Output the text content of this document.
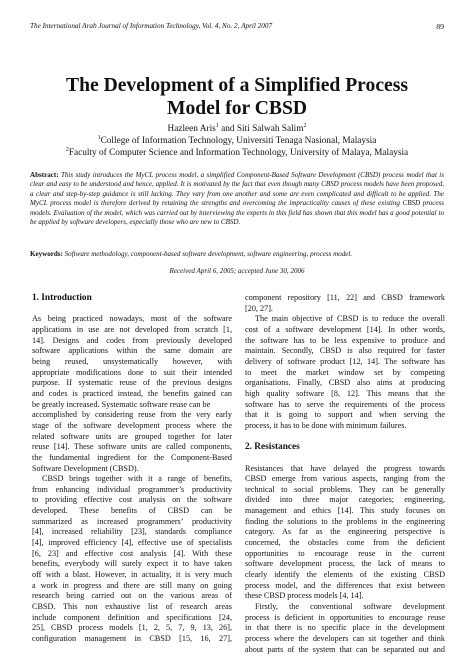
The International Arab Journal of Information Technology, Vol. 4, No. 2, April 2007	89
The Development of a Simplified Process
Model for CBSD
Hazleen Aris$^1$ and Siti Salwah Salim$^2$
$^1$College of Information Technology, Universiti Tenaga Nasional, Malaysia
$^2$Faculty of Computer Science and Information Technology, University of Malaya, Malaysia
Abstract: This study introduces the MyCL process model, a simplified Component-Based Software Development (CBSD) process model that is clear and easy to be understood and hence, applied. It is motivated by the fact that even though many CBSD process models have been proposed, a clear and step-by-step guidance is still lacking. They vary from one another and some are even complicated and difficult to be applied. The MyCL process model is therefore derived by retaining the strengths and overcoming the impracticality causes of these existing CBSD process models. Evaluation of the model, which was carried out by interviewing the experts in this field has shown that this model has a good potential to be applied by software developers, especially those who are new to CBSD.
Keywords: Software methodology, component-based software development, software engineering, process model.
Received April 6, 2005; accepted June 30, 2006
1. Introduction

As being practiced nowadays, most of the software
applications in use are not developed from scratch [1,
14]. Designs and codes from previously developed
software applications within the same domain are
being reused, unsystematically however, with
appropriate modifications done to suit their intended
purpose. If systematic reuse of the previous designs
and codes is practiced instead, the benefits gained can
be greatly increased. Systematic software reuse can be
accomplished by considering reuse from the very early
stage of the software development process where the
related software units are grouped together for later
reuse [14]. These software units are called components,
the fundamental ingredient for the Component-Based
Software Development (CBSD).
CBSD brings together with it a range of benefits,
from enhancing individual programmer’s productivity
to providing effective cost analysis on the software
developed. These benefits of CBSD can be
summarized as increased programmers’ productivity
[4], increased reliability [23], standards compliance
[4], improved efficiency [4], effective use of specialists
[6, 23] and effective cost analysis [4]. With these
benefits, everybody will surely expect it to have taken
off with a blast. However, in actuality, it is very much
a work in progress and there are still many on going
research being carried out on the various areas of
CBSD. This non exhaustive list of research areas
include component definition and specifications [24,
25], CBSD process models [1, 2, 5, 7, 9, 13, 26],
configuration management in CBSD [15, 16, 27],
component repository [11, 22] and CBSD framework
[20, 27].
The main objective of CBSD is to reduce the overall
cost of a software development [14]. In other words,
the software has to be less expensive to produce and
maintain. Secondly, CBSD is also required for faster
delivery of software product [12, 14]. The software has
to meet the market window set by competing
organisations. Finally, CBSD also aims at producing
high quality software [8, 12]. This means that the
software has to serve the requirements of the process
that it is going to support and when serving the
process, it has to be done with minimum failures.

2. Resistances

Resistances that have delayed the progress towards
CBSD emerge from various aspects, ranging from the
technical to social problems. They can be generally
divided into three major categories; engineering,
management and ethics [14]. This study focuses on
finding the solutions to the problems in the engineering
category. As far as the engineering perspective is
concerned, the obstacles come from the deficient
opportunities to encourage reuse in the current
software development process, the lack of means to
clearly identify the elements of the existing CBSD
process model, and the differences that exist between
these CBSD process models [4, 14].
Firstly, the conventional software development
process is deficient in opportunities to encourage reuse
in that there is no specific place in the development
process where the developers can sit together and think
about parts of the system that can be separated out and
